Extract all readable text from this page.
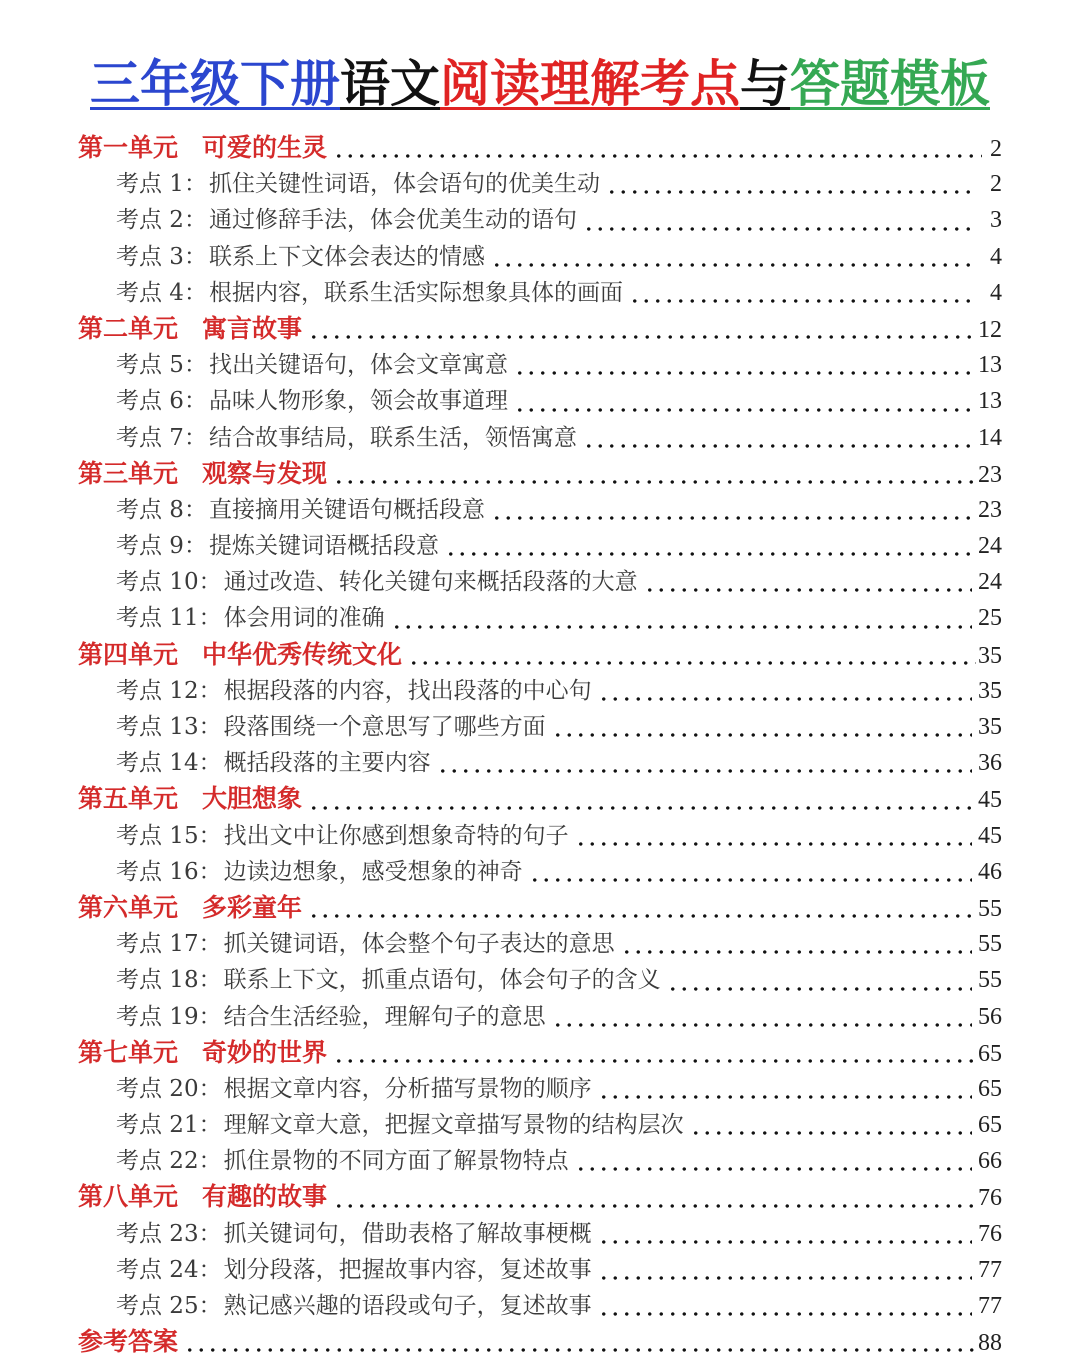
三年级下册语文阅读理解考点与答题模板
第一单元 可爱的生灵	2
考点 1：抓住关键性词语，体会语句的优美生动	2
考点 2：通过修辞手法，体会优美生动的语句	3
考点 3：联系上下文体会表达的情感	4
考点 4：根据内容，联系生活实际想象具体的画面	4
第二单元 寓言故事	12
考点 5：找出关键语句，体会文章寓意	13
考点 6：品味人物形象，领会故事道理	13
考点 7：结合故事结局，联系生活，领悟寓意	14
第三单元 观察与发现	23
考点 8：直接摘用关键语句概括段意	23
考点 9：提炼关键词语概括段意	24
考点 10：通过改造、转化关键句来概括段落的大意	24
考点 11：体会用词的准确	25
第四单元 中华优秀传统文化	35
考点 12：根据段落的内容，找出段落的中心句	35
考点 13：段落围绕一个意思写了哪些方面	35
考点 14：概括段落的主要内容	36
第五单元 大胆想象	45
考点 15：找出文中让你感到想象奇特的句子	45
考点 16：边读边想象，感受想象的神奇	46
第六单元 多彩童年	55
考点 17：抓关键词语，体会整个句子表达的意思	55
考点 18：联系上下文，抓重点语句，体会句子的含义	55
考点 19：结合生活经验，理解句子的意思	56
第七单元 奇妙的世界	65
考点 20：根据文章内容，分析描写景物的顺序	65
考点 21：理解文章大意，把握文章描写景物的结构层次	65
考点 22：抓住景物的不同方面了解景物特点	66
第八单元 有趣的故事	76
考点 23：抓关键词句，借助表格了解故事梗概	76
考点 24：划分段落，把握故事内容，复述故事	77
考点 25：熟记感兴趣的语段或句子，复述故事	77
参考答案	88
